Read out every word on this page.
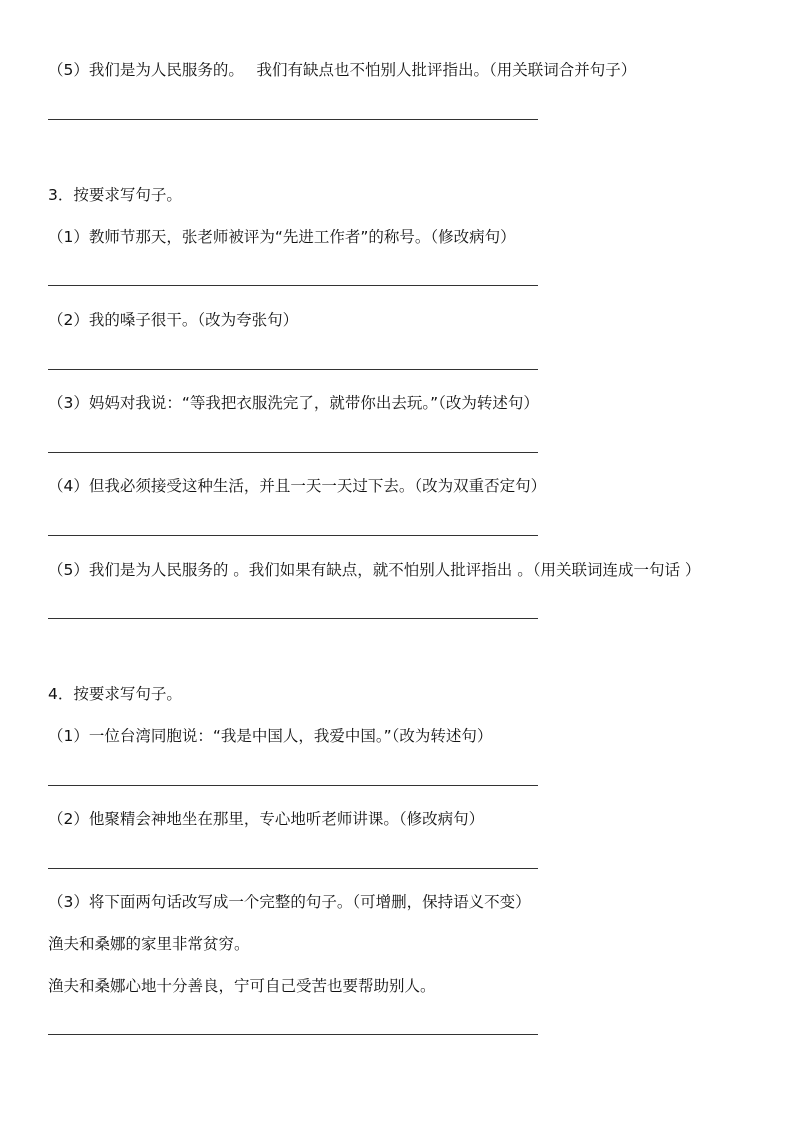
（5）我们是为人民服务的。　 我们有缺点也不怕别人批评指出。（用关联词合并句子）
3．按要求写句子。
（1）教师节那天，张老师被评为“先进工作者”的称号。（修改病句）
（2）我的嗓子很干。（改为夸张句）
（3）妈妈对我说：“等我把衣服洗完了，就带你出去玩。”（改为转述句）
（4）但我必须接受这种生活，并且一天一天过下去。（改为双重否定句）
（5）我们是为人民服务的 。我们如果有缺点，就不怕别人批评指出 。（用关联词连成一句话 ）
4．按要求写句子。
（1）一位台湾同胞说：“我是中国人，我爱中国。”（改为转述句）
（2）他聚精会神地坐在那里，专心地听老师讲课。（修改病句）
（3）将下面两句话改写成一个完整的句子。（可增删，保持语义不变）
渔夫和桑娜的家里非常贫穷。
渔夫和桑娜心地十分善良，宁可自己受苦也要帮助别人。
